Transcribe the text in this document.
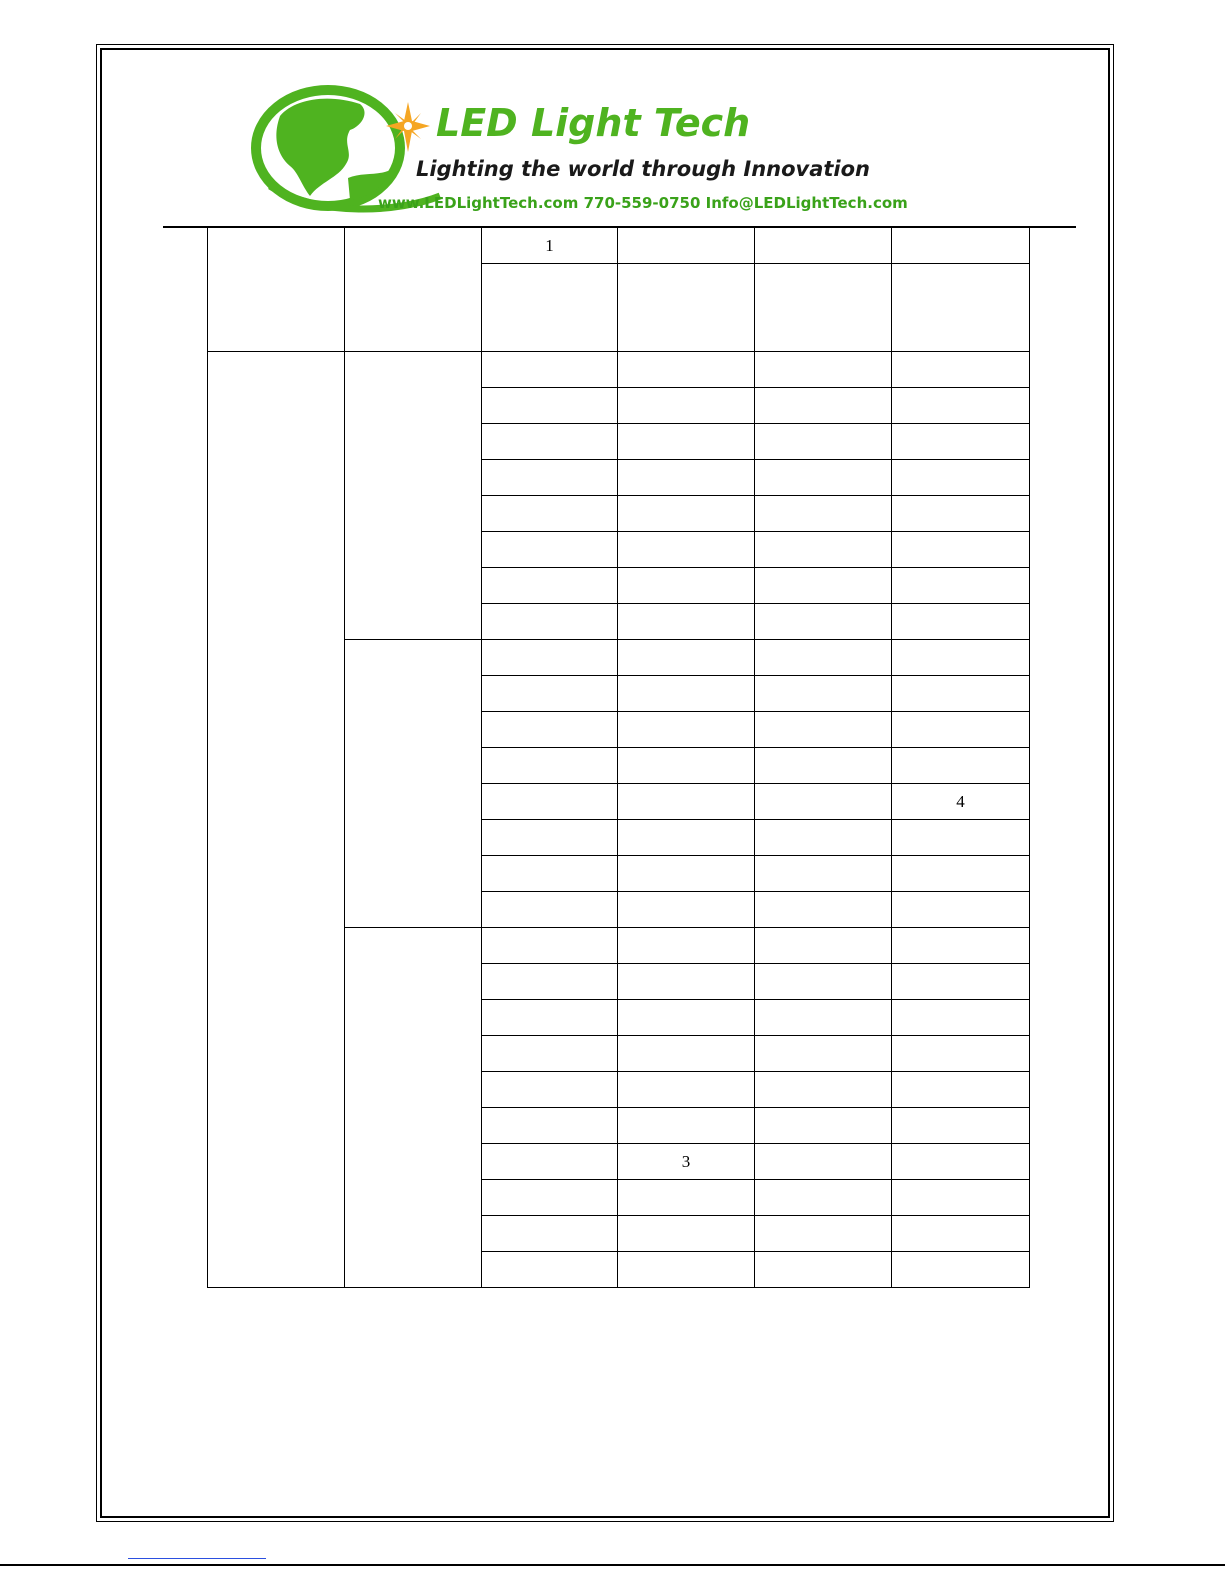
LED Light Tech
Lighting the world through Innovation
www.LEDLightTech.com 770-559-0750 Info@LEDLightTech.com
		1			

					4

			3		
